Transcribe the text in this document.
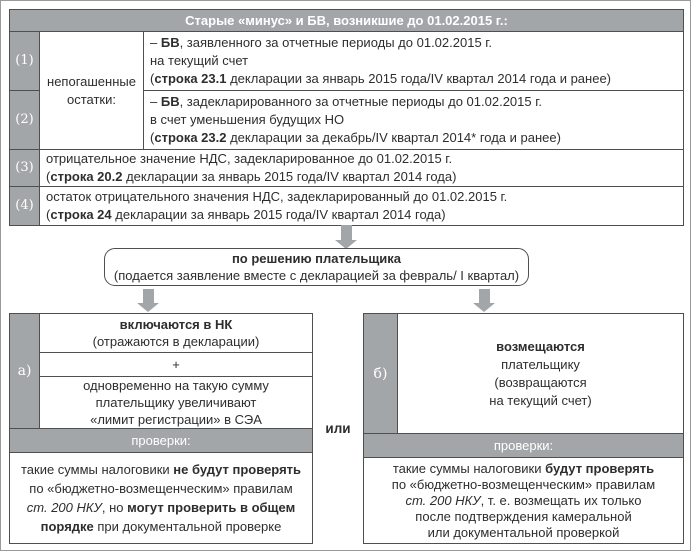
Старые «минус» и БВ, возникшие до 01.02.2015 г.:
(1)
(2)
непогашенные
остатки:
– БВ, заявленного за отчетные периоды до 01.02.2015 г.
на текущий счет
(строка 23.1 декларации за январь 2015 года/IV квартал 2014 года и ранее)
– БВ, задекларированного за отчетные периоды до 01.02.2015 г.
в счет уменьшения будущих НО
(строка 23.2 декларации за декабрь/IV квартал 2014* года и ранее)
(3)
отрицательное значение НДС, задекларированное до 01.02.2015 г.
(строка 20.2 декларации за январь 2015 года/IV квартал 2014 года)
(4)
остаток отрицательного значения НДС, задекларированный до 01.02.2015 г.
(строка 24 декларации за январь 2015 года/IV квартал 2014 года)
по решению плательщика
(подается заявление вместе с декларацией за февраль/ I квартал)
а)
включаются в НК
(отражаются в декларации)
+
одновременно на такую сумму
плательщику увеличивают
«лимит регистрации» в СЭА
проверки:
такие суммы налоговики не будут проверять
по «бюджетно-возмещенческим» правилам
ст. 200 НКУ, но могут проверить в общем
порядке при документальной проверке
или
б)
возмещаются
плательщику
(возвращаются
на текущий счет)
проверки:
такие суммы налоговики будут проверять
по «бюджетно-возмещенческим» правилам
ст. 200 НКУ, т. е. возмещать их только
после подтверждения камеральной
или документальной проверкой
